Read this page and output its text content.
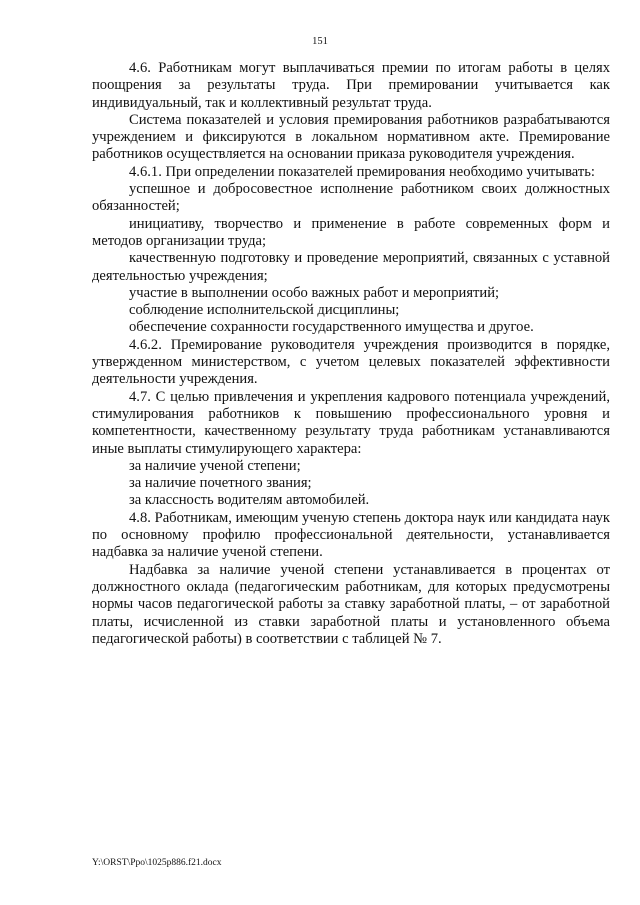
151

4.6. Работникам могут выплачиваться премии по итогам работы в целях поощрения за результаты труда. При премировании учитывается как индивидуальный, так и коллективный результат труда.

Система показателей и условия премирования работников разрабатываются учреждением и фиксируются в локальном нормативном акте. Премирование работников осуществляется на основании приказа руководителя учреждения.

4.6.1. При определении показателей премирования необходимо учитывать:

успешное и добросовестное исполнение работником своих должностных обязанностей;

инициативу, творчество и применение в работе современных форм и методов организации труда;

качественную подготовку и проведение мероприятий, связанных с уставной деятельностью учреждения;

участие в выполнении особо важных работ и мероприятий;

соблюдение исполнительской дисциплины;

обеспечение сохранности государственного имущества и другое.

4.6.2. Премирование руководителя учреждения производится в порядке, утвержденном министерством, с учетом целевых показателей эффективности деятельности учреждения.

4.7. С целью привлечения и укрепления кадрового потенциала учреждений, стимулирования работников к повышению профессионального уровня и компетентности, качественному результату труда работникам устанавливаются иные выплаты стимулирующего характера:

за наличие ученой степени;

за наличие почетного звания;

за классность водителям автомобилей.

4.8. Работникам, имеющим ученую степень доктора наук или кандидата наук по основному профилю профессиональной деятельности, устанавливается надбавка за наличие ученой степени.

Надбавка за наличие ученой степени устанавливается в процентах от должностного оклада (педагогическим работникам, для которых предусмотрены нормы часов педагогической работы за ставку заработной платы, – от заработной платы, исчисленной из ставки заработной платы и установленного объема педагогической работы) в соответствии с таблицей № 7.

Y:\ORST\Ppo\1025p886.f21.docx
